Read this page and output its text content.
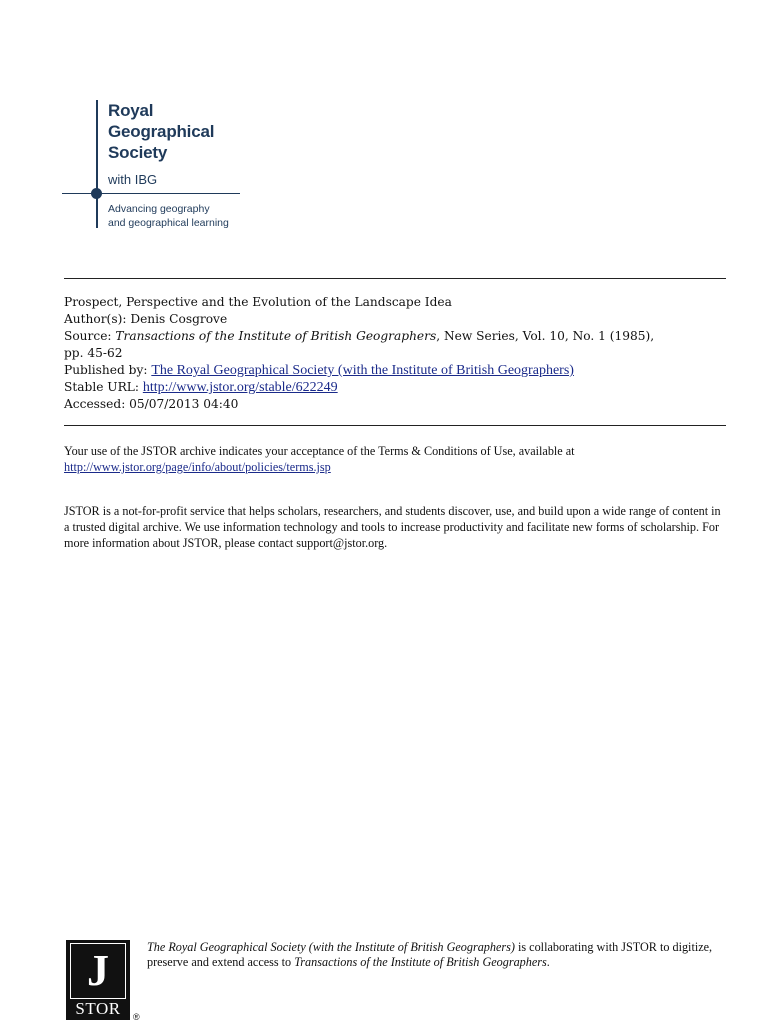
Royal
Geographical
Society
with IBG
Advancing geography
and geographical learning
Prospect, Perspective and the Evolution of the Landscape Idea
Author(s): Denis Cosgrove
Source: Transactions of the Institute of British Geographers, New Series, Vol. 10, No. 1 (1985),
pp. 45-62
Published by: The Royal Geographical Society (with the Institute of British Geographers)
Stable URL: http://www.jstor.org/stable/622249
Accessed: 05/07/2013 04:40
Your use of the JSTOR archive indicates your acceptance of the Terms & Conditions of Use, available at
http://www.jstor.org/page/info/about/policies/terms.jsp
JSTOR is a not-for-profit service that helps scholars, researchers, and students discover, use, and build upon a wide range of content in a trusted digital archive. We use information technology and tools to increase productivity and facilitate new forms of scholarship. For more information about JSTOR, please contact support@jstor.org.
J
STOR	®
The Royal Geographical Society (with the Institute of British Geographers) is collaborating with JSTOR to digitize, preserve and extend access to Transactions of the Institute of British Geographers.
